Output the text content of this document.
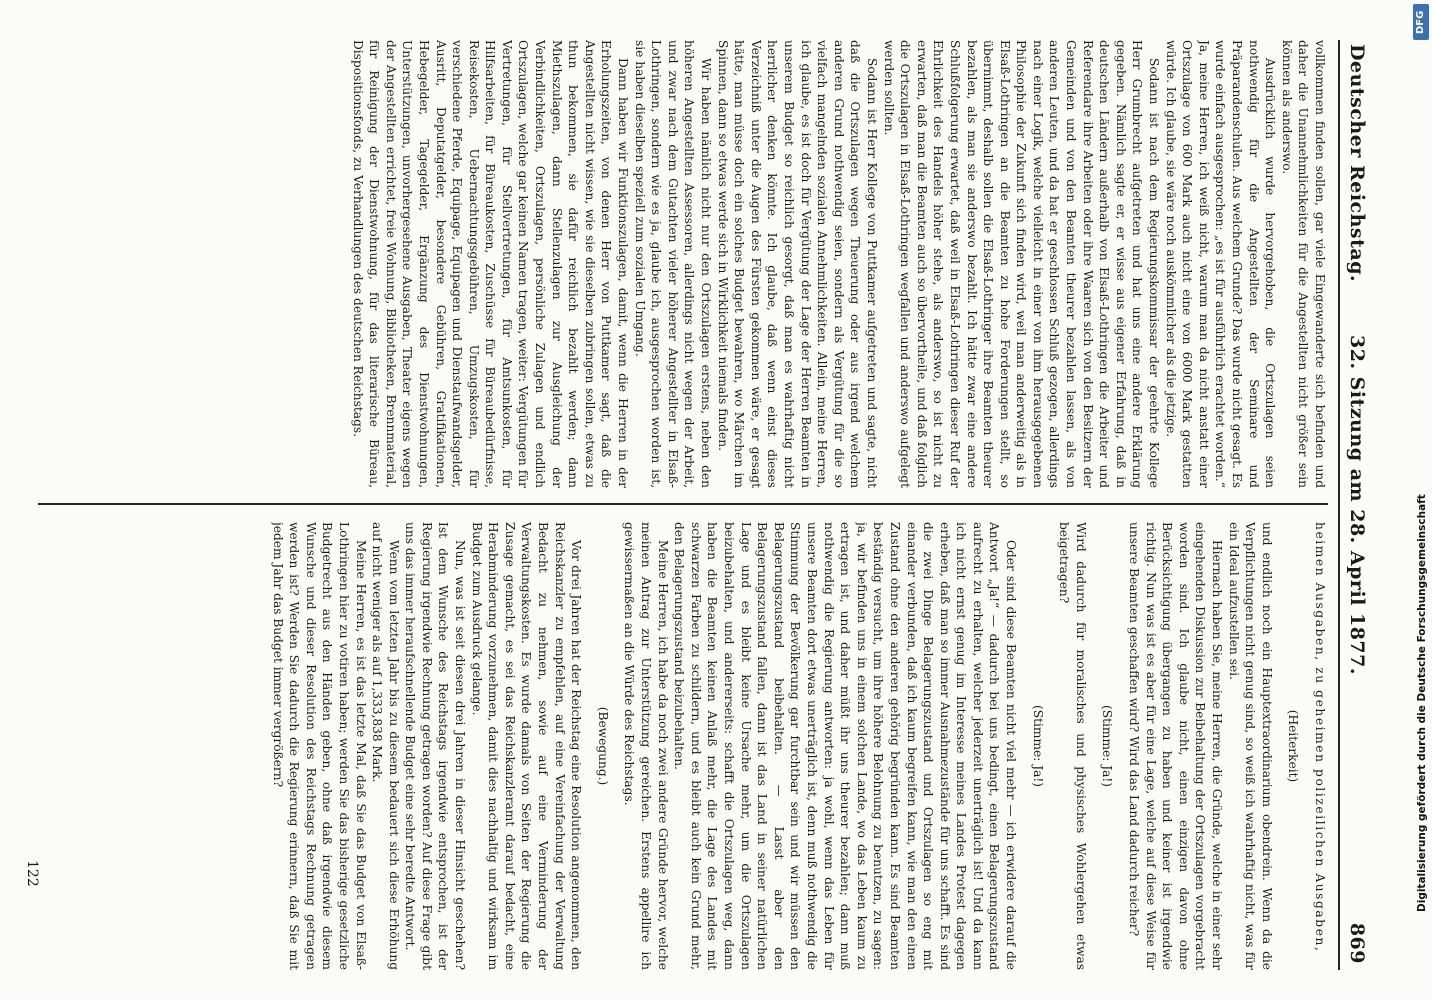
Deutscher Reichstag.
32. Sitzung am 28. April 1877.
869

vollkommen finden sollen, gar viele Eingewanderte sich befinden und daher die Unannehmlichkeiten für die Angestellten nicht größer sein können als anderswo.

Ausdrücklich wurde hervorgehoben, die Ortszulagen seien nothwendig für die Angestellten der Seminare und Präparandenschulen. Aus welchem Grunde? Das wurde nicht gesagt. Es wurde einfach ausgesprochen: „es ist für ausführlich erachtet worden.“ Ja, meine Herren, ich weiß nicht, warum man da nicht anstatt einer Ortszulage von 600 Mark auch nicht eine von 6000 Mark gestatten würde. Ich glaube, sie wäre noch auskömmlicher als die jetzige.

Sodann ist nach dem Regierungskommissar der geehrte Kollege Herr Grumbrecht aufgetreten und hat uns eine andere Erklärung gegeben. Nämlich sagte er, er wisse aus eigener Erfahrung, daß in deutschen Ländern außerhalb von Elsaß-Lothringen die Arbeiter und Referendare ihre Arbeiten oder ihre Waaren sich von den Besitzern der Gemeinden und von den Beamten theurer bezahlen lassen, als von anderen Leuten, und da hat er geschlossen Schluß gezogen, allerdings nach einer Logik, welche vielleicht in einer von ihm herausgegebenen Philosophie der Zukunft sich finden wird, weil man anderweitig als in Elsaß-Lothringen an die Beamten zu hohe Forderungen stellt, so übernimmt, deshalb sollen die Elsaß-Lothringer ihre Beamten theurer bezahlen, als man sie anderswo bezahlt. Ich hätte zwar eine andere Schlußfolgerung erwartet, daß weil in Elsaß-Lothringen dieser Ruf der Ehrlichkeit des Handels höher stehe, als anderswo, so ist nicht zu erwarten, daß man die Beamten auch so übervortheile, und daß folglich die Ortszulagen in Elsaß-Lothringen wegfallen und anderswo aufgelegt werden sollten.

Sodann ist Herr Kollege von Puttkamer aufgetreten und sagte, nicht daß die Ortszulagen wegen Theuerung oder aus irgend welchem anderen Grund nothwendig seien, sondern als Vergütung für die so vielfach mangelnden sozialen Annehmlichkeiten. Allein, meine Herren, ich glaube, es ist doch für Vergütung der Lage der Herren Beamten in unserem Budget so reichlich gesorgt, daß man es wahrhaftig nicht herrlicher denken könnte. Ich glaube, daß wenn einst dieses Verzeichniß unter die Augen des Fürsten gekommen wäre, er gesagt hätte, man müsse doch ein solches Budget bewahren, wo Märchen im Spinnen, dann so etwas werde sich in Wirklichkeit niemals finden.

Wir haben nämlich nicht nur den Ortszulagen erstens, neben den höheren Angestellten Assessoren, allerdings nicht wegen der Arbeit, und zwar nach dem Gutachten vieler höherer Angestellter in Elsaß-Lothringen, sondern wie es ja, glaube ich, ausgesprochen worden ist, sie haben dieselben speziell zum sozialen Umgang.

Dann haben wir Funktionszulagen, damit, wenn die Herren in der Erholungszeiten, von denen Herr von Puttkamer sagt, daß die Angestellten nicht wissen, wie sie dieselben zubringen sollen, etwas zu thun bekommen, sie dafür reichlich bezahlt werden; dann Miethszulagen, dann Stellenzulagen zur Ausgleichung der Verbindlichkeiten, Ortszulagen, persönliche Zulagen und endlich Ortszulagen, welche gar keinen Namen tragen, weiter: Vergütungen für Vertretungen, für Stellvertretungen, für Amtsunkosten, für Hilfsarbeiten, für Büreaukosten, Zuschüsse für Büreaubedürfnisse, Reisekosten, Uebernachtungsgebühren, Umzugskosten, für verschiedene Pferde, Equipage, Equipagen und Dienstaufwandsgelder, Ausritt, Deputatgelder, besondere Gebühren, Gratifikationen, Hebegelder, Tagegelder, Ergänzung des Dienstwohnungen, Unterstützungen, unvorhergesehene Ausgaben, Theater eigens wegen der Angestellten errichtet, freie Wohnung, Bibliotheken, Brennmaterial, für Reinigung der Dienstwohnung, für das literarische Büreau, Dispositionsfonds, zu Verhandlungen des deutschen Reichstags.

heimen Ausgaben, zu geheimen polizeilichen Ausgaben,

(Heiterkeit)

und endlich noch ein Hauptextraordinarium obendrein. Wenn da die Verpflichtungen nicht genug sind, so weiß ich wahrhaftig nicht, was für ein Ideal aufzustellen sei.

Hiernach haben Sie, meine Herren, die Gründe, welche in einer sehr eingehenden Diskussion zur Beibehaltung der Ortszulagen vorgebracht worden sind. Ich glaube nicht, einen einzigen davon ohne Berücksichtigung übergangen zu haben und keiner ist irgendwie richtig. Nun was ist es aber für eine Lage, welche auf diese Weise für unsere Beamten geschaffen wird? Wird das Land dadurch reicher?

(Stimme: Ja!)

Wird dadurch für moralisches und physisches Wohlergehen etwas beigetragen?

(Stimme: Ja!)

Oder sind diese Beamten nicht viel mehr — ich erwidere darauf die Antwort „Ja!“ — dadurch bei uns bedingt, einen Belagerungszustand aufrecht zu erhalten, welcher jederzeit unerträglich ist! Und da kann ich nicht ernst genug im Interesse meines Landes Protest dagegen erheben, daß man so immer Ausnahmezustände für uns schafft. Es sind die zwei Dinge Belagerungszustand und Ortszulagen so eng mit einander verbunden, daß ich kaum begreifen kann, wie man den einen Zustand ohne den anderen gehörig begründen kann. Es sind Beamten beständig versucht, um ihre höhere Belohnung zu benutzen, zu sagen: ja, wir befinden uns in einem solchen Lande, wo das Leben kaum zu ertragen ist, und daher müßt ihr uns theurer bezahlen; dann muß nothwendig die Regierung antworten: ja wohl, wenn das Leben für unsere Beamten dort etwas unerträglich ist, denn muß nothwendig die Stimmung der Bevölkerung gar furchtbar sein und wir müssen den Belagerungszustand beibehalten. — Lasst aber den Belagerungszustand fallen, dann ist das Land in seiner natürlichen Lage und es bleibt keine Ursache mehr, um die Ortszulagen beizubehalten, und andererseits: schafft die Ortszulagen weg, dann haben die Beamten keinen Anlaß mehr, die Lage des Landes mit schwarzen Farben zu schildern, und es bleibt auch kein Grund mehr, den Belagerungszustand beizubehalten.

Meine Herren, ich habe da noch zwei andere Gründe hervor, welche meinen Antrag zur Unterstützung gereichen. Erstens appellire ich gewissermaßen an die Würde des Reichstags.

(Bewegung.)

Vor drei Jahren hat der Reichstag eine Resolution angenommen, den Reichskanzler zu empfehlen, auf eine Vereinfachung der Verwaltung Bedacht zu nehmen, sowie auf eine Verminderung der Verwaltungskosten. Es wurde damals von Seiten der Regierung die Zusage gemacht, es sei das Reichskanzleramt darauf bedacht, eine Herabminderung vorzunehmen, damit dies nachhaltig und wirksam im Budget zum Ausdruck gelange.

Nun, was ist seit diesen drei Jahren in dieser Hinsicht geschehen? Ist dem Wunsche des Reichstags irgendwie entsprochen, ist der Regierung irgendwie Rechnung getragen worden? Auf diese Frage gibt uns das immer heraufschnellende Budget eine sehr beredte Antwort.

Wenn vom letzten Jahr bis zu diesem bedauert sich diese Erhöhung auf nicht weniger als auf 1,333,838 Mark.

Meine Herren, es ist das letzte Mal, daß Sie das Budget von Elsaß-Lothringen hier zu votiren haben; werden Sie das bisherige gesetzliche Budgetrecht aus den Händen geben, ohne daß irgendwie diesem Wunsche und dieser Resolution des Reichstags Rechnung getragen werden ist? Werden Sie dadurch die Regierung erinnern, daß Sie mit jedem Jahr das Budget immer vergrößern?

122
DFG
Digitalisierung gefördert durch die Deutsche Forschungsgemeinschaft
